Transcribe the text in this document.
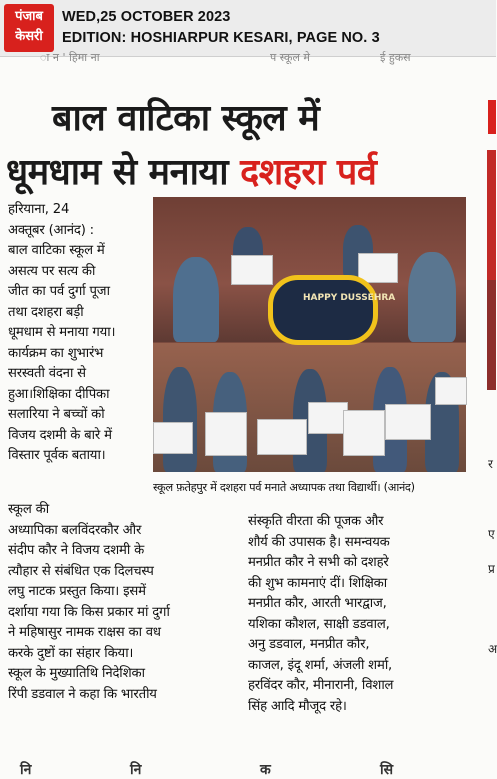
पंजाब
केसरी
WED,25 OCTOBER 2023
EDITION: HOSHIARPUR KESARI, PAGE NO. 3
ा न ' हिमा ना	प स्कूल मे	ई हुकस
बाल वाटिका स्कूल में
धूमधाम से मनाया दशहरा पर्व
HAPPY DUSSEHRA
स्कूल फ़तेहपुर में दशहरा पर्व मनाते अध्यापक तथा विद्यार्थी। (आनंद)
हरियाना, 24
अक्तूबर (आनंद) :
बाल वाटिका स्कूल में
असत्य पर सत्य की
जीत का पर्व दुर्गा पूजा
तथा दशहरा बड़ी
धूमधाम से मनाया गया।
कार्यक्रम का शुभारंभ
सरस्वती वंदना से
हुआ।शिक्षिका दीपिका
सलारिया ने बच्चों को
विजय दशमी के बारे में
विस्तार पूर्वक बताया।
स्कूल की
अध्यापिका बलविंदरकौर और
संदीप कौर ने विजय दशमी के
त्यौहार से संबंधित एक दिलचस्प
लघु नाटक प्रस्तुत किया। इसमें
दर्शाया गया कि किस प्रकार मां दुर्गा
ने महिषासुर नामक राक्षस का वध
करके दुष्टों का संहार किया।
स्कूल के मुख्यातिथि निदेशिका
रिंपी डडवाल ने कहा कि भारतीय
संस्कृति वीरता की पूजक और
शौर्य की उपासक है। समन्वयक
मनप्रीत कौर ने सभी को दशहरे
की शुभ कामनाएं दीं। शिक्षिका
मनप्रीत कौर, आरती भारद्वाज,
यशिका कौशल, साक्षी डडवाल,
अनु डडवाल, मनप्रीत कौर,
काजल, इंदू शर्मा, अंजली शर्मा,
हरविंदर कौर, मीनारानी, विशाल
सिंह आदि मौजूद रहे।
र
ए
प्र
अ
नि	नि	क	सि
